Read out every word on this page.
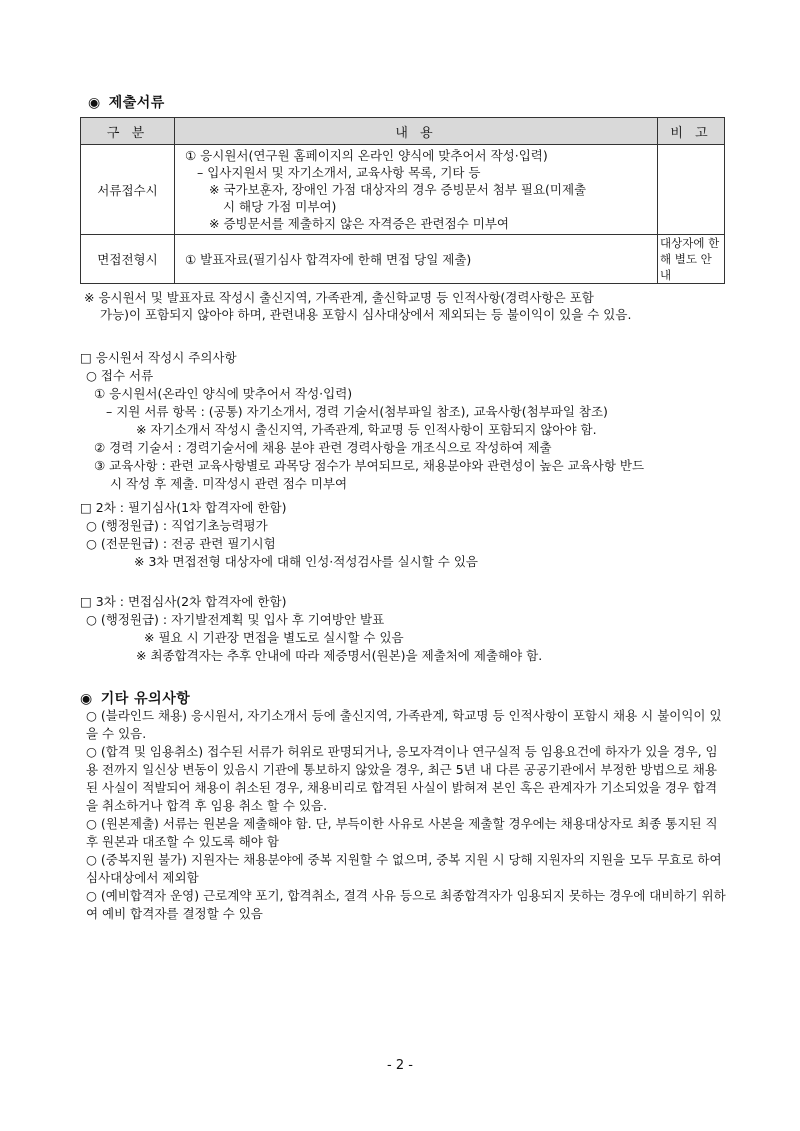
◉ 제출서류
구 분	내 용	비 고
서류접수시	① 응시원서(연구원 홈페이지의 온라인 양식에 맞추어서 작성·입력)
– 입사지원서 및 자기소개서, 교육사항 목록, 기타 등
※ 국가보훈자, 장애인 가점 대상자의 경우 증빙문서 첨부 필요(미제출
시 해당 가점 미부여)
※ 증빙문서를 제출하지 않은 자격증은 관련점수 미부여	

면접전형시	① 발표자료(필기심사 합격자에 한해 면접 당일 제출)	대상자에 한해 별도 안내
※ 응시원서 및 발표자료 작성시 출신지역, 가족관계, 출신학교명 등 인적사항(경력사항은 포함
가능)이 포함되지 않아야 하며, 관련내용 포함시 심사대상에서 제외되는 등 불이익이 있을 수 있음.
□ 응시원서 작성시 주의사항
○ 접수 서류
① 응시원서(온라인 양식에 맞추어서 작성·입력)
– 지원 서류 항목 : (공통) 자기소개서, 경력 기술서(첨부파일 참조), 교육사항(첨부파일 참조)
※ 자기소개서 작성시 출신지역, 가족관계, 학교명 등 인적사항이 포함되지 않아야 함.
② 경력 기술서 : 경력기술서에 채용 분야 관련 경력사항을 개조식으로 작성하여 제출
③ 교육사항 : 관련 교육사항별로 과목당 점수가 부여되므로, 채용분야와 관련성이 높은 교육사항 반드
시 작성 후 제출. 미작성시 관련 점수 미부여
□ 2차 : 필기심사(1차 합격자에 한함)
○ (행정원급) : 직업기초능력평가
○ (전문원급) : 전공 관련 필기시험
※ 3차 면접전형 대상자에 대해 인성·적성검사를 실시할 수 있음
□ 3차 : 면접심사(2차 합격자에 한함)
○ (행정원급) : 자기발전계획 및 입사 후 기여방안 발표
※ 필요 시 기관장 면접을 별도로 실시할 수 있음
※ 최종합격자는 추후 안내에 따라 제증명서(원본)을 제출처에 제출해야 함.
◉ 기타 유의사항
○ (블라인드 채용) 응시원서, 자기소개서 등에 출신지역, 가족관계, 학교명 등 인적사항이 포함시 채용 시 불이익이 있을 수 있음.
○ (합격 및 임용취소) 접수된 서류가 허위로 판명되거나, 응모자격이나 연구실적 등 임용요건에 하자가 있을 경우, 임용 전까지 일신상 변동이 있음시 기관에 통보하지 않았을 경우, 최근 5년 내 다른 공공기관에서 부정한 방법으로 채용된 사실이 적발되어 채용이 취소된 경우, 채용비리로 합격된 사실이 밝혀져 본인 혹은 관계자가 기소되었을 경우 합격을 취소하거나 합격 후 임용 취소 할 수 있음.
○ (원본제출) 서류는 원본을 제출해야 함. 단, 부득이한 사유로 사본을 제출할 경우에는 채용대상자로 최종 통지된 직후 원본과 대조할 수 있도록 해야 함
○ (중복지원 불가) 지원자는 채용분야에 중복 지원할 수 없으며, 중복 지원 시 당해 지원자의 지원을 모두 무효로 하여 심사대상에서 제외함
○ (예비합격자 운영) 근로계약 포기, 합격취소, 결격 사유 등으로 최종합격자가 임용되지 못하는 경우에 대비하기 위하여 예비 합격자를 결정할 수 있음
- 2 -
